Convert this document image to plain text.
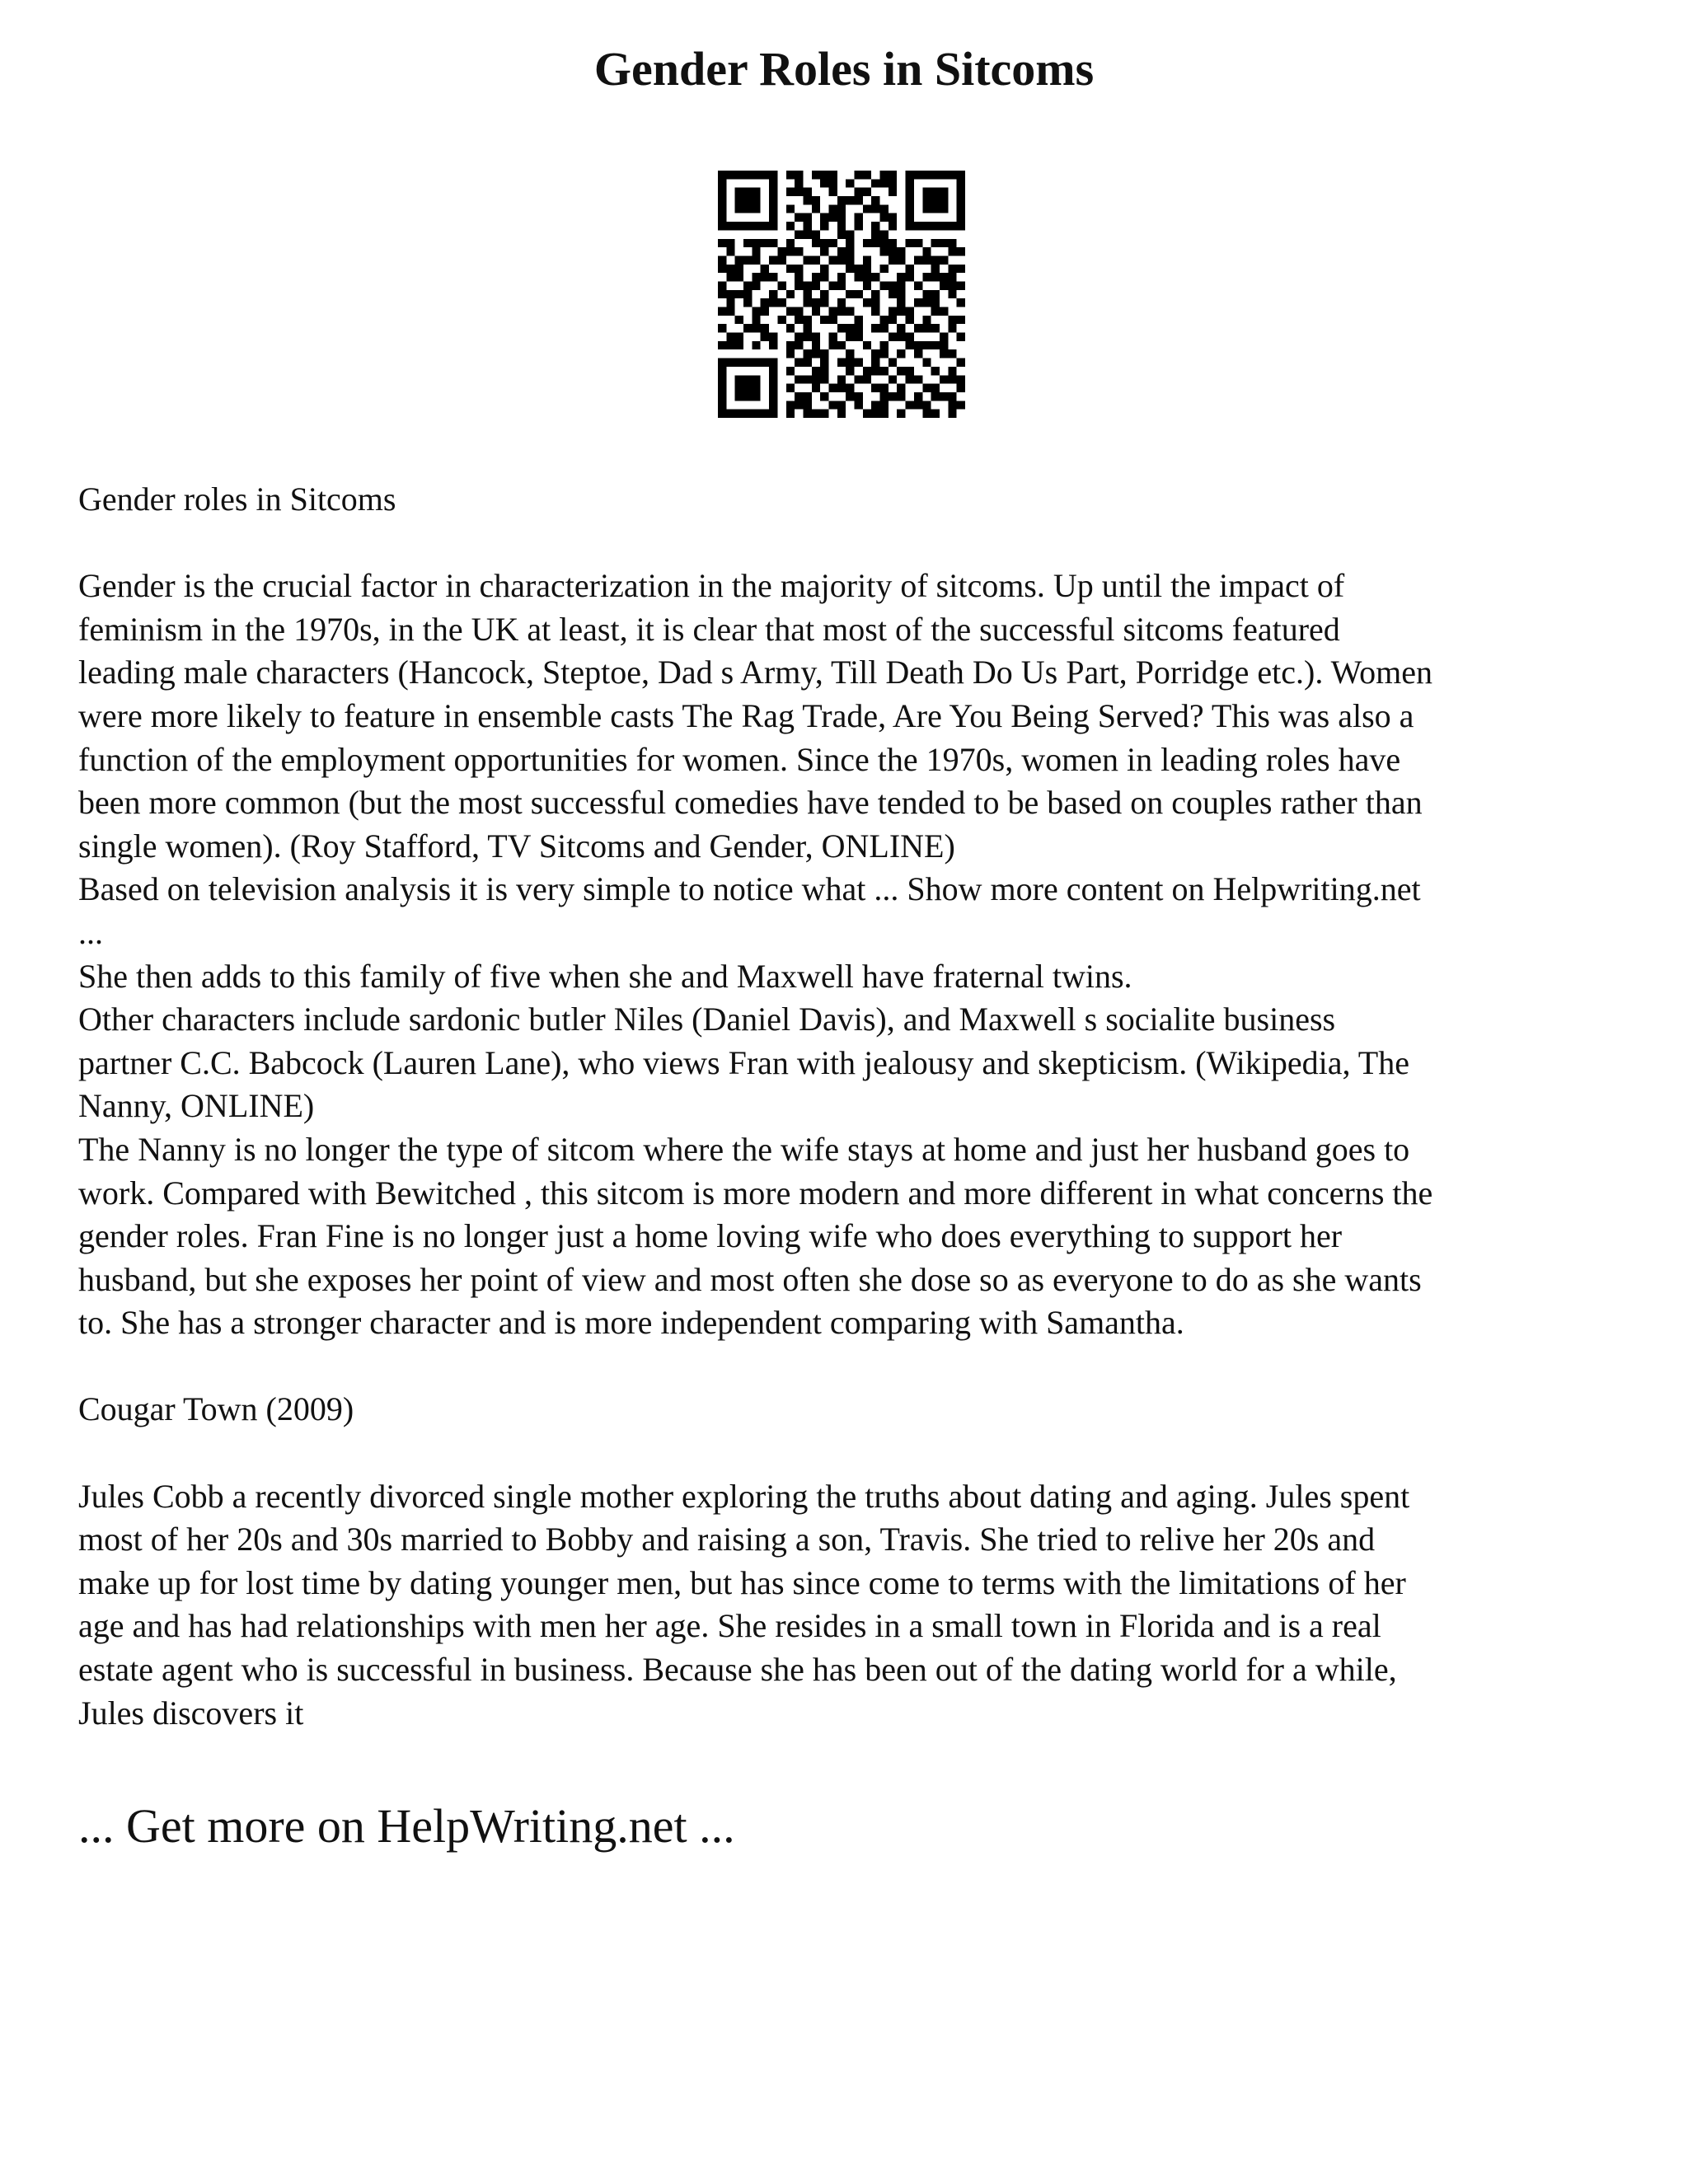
Gender Roles in Sitcoms

Gender roles in Sitcoms

Gender is the crucial factor in characterization in the majority of sitcoms. Up until the impact of
feminism in the 1970s, in the UK at least, it is clear that most of the successful sitcoms featured
leading male characters (Hancock, Steptoe, Dad s Army, Till Death Do Us Part, Porridge etc.). Women
were more likely to feature in ensemble casts The Rag Trade, Are You Being Served? This was also a
function of the employment opportunities for women. Since the 1970s, women in leading roles have
been more common (but the most successful comedies have tended to be based on couples rather than
single women). (Roy Stafford, TV Sitcoms and Gender, ONLINE)

Based on television analysis it is very simple to notice what ... Show more content on Helpwriting.net
...

She then adds to this family of five when she and Maxwell have fraternal twins.

Other characters include sardonic butler Niles (Daniel Davis), and Maxwell s socialite business
partner C.C. Babcock (Lauren Lane), who views Fran with jealousy and skepticism. (Wikipedia, The
Nanny, ONLINE)

The Nanny is no longer the type of sitcom where the wife stays at home and just her husband goes to
work. Compared with Bewitched , this sitcom is more modern and more different in what concerns the
gender roles. Fran Fine is no longer just a home loving wife who does everything to support her
husband, but she exposes her point of view and most often she dose so as everyone to do as she wants
to. She has a stronger character and is more independent comparing with Samantha.

Cougar Town (2009)

Jules Cobb a recently divorced single mother exploring the truths about dating and aging. Jules spent
most of her 20s and 30s married to Bobby and raising a son, Travis. She tried to relive her 20s and
make up for lost time by dating younger men, but has since come to terms with the limitations of her
age and has had relationships with men her age. She resides in a small town in Florida and is a real
estate agent who is successful in business. Because she has been out of the dating world for a while,
Jules discovers it

... Get more on HelpWriting.net ...
